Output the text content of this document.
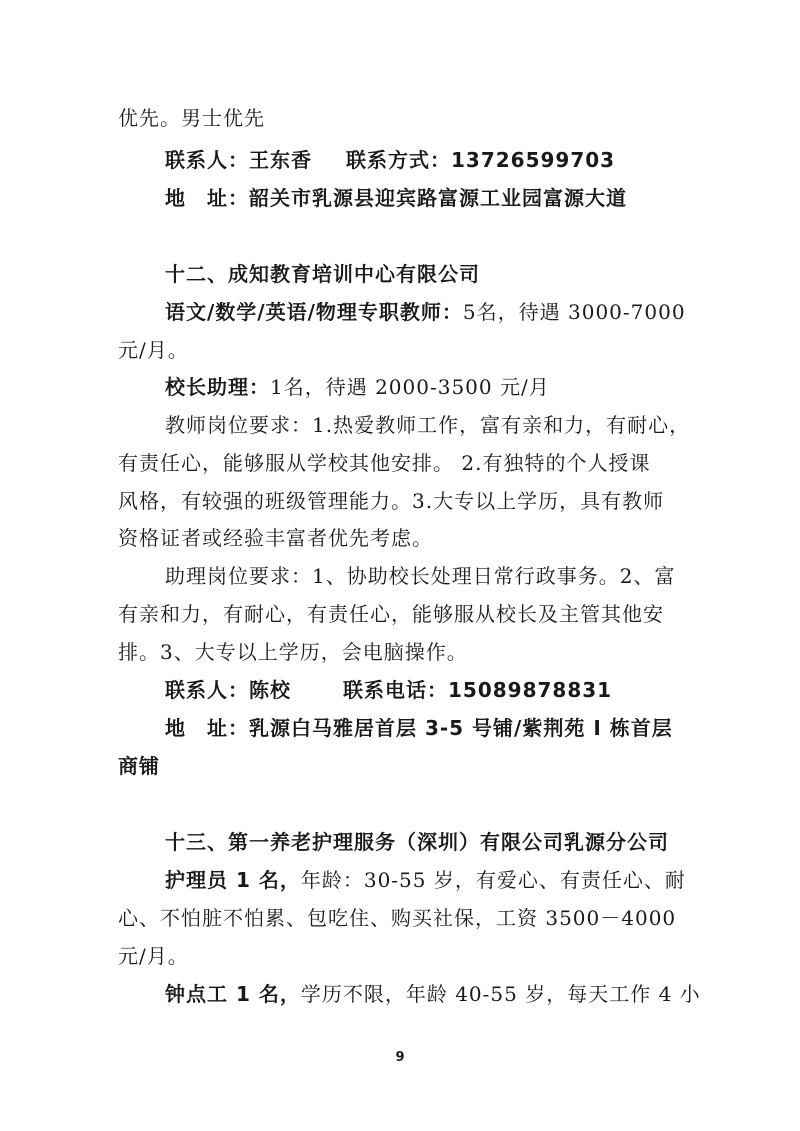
优先。男士优先
联系人：王东香 联系方式：13726599703
地　址：韶关市乳源县迎宾路富源工业园富源大道
十二、成知教育培训中心有限公司
语文/数学/英语/物理专职教师：5名，待遇 3000-7000
元/月。
校长助理：1名，待遇 2000-3500 元/月
教师岗位要求：1.热爱教师工作，富有亲和力，有耐心，
有责任心，能够服从学校其他安排。 2.有独特的个人授课
风格，有较强的班级管理能力。3.大专以上学历，具有教师
资格证者或经验丰富者优先考虑。
助理岗位要求：1、协助校长处理日常行政事务。2、富
有亲和力，有耐心，有责任心，能够服从校长及主管其他安
排。3、大专以上学历，会电脑操作。
联系人：陈校	联系电话：15089878831
地　址：乳源白马雅居首层 3-5 号铺/紫荆苑 I 栋首层
商铺
十三、第一养老护理服务（深圳）有限公司乳源分公司
护理员 1 名，年龄：30-55 岁，有爱心、有责任心、耐
心、不怕脏不怕累、包吃住、购买社保，工资 3500－4000
元/月。
钟点工 1 名，学历不限，年龄 40-55 岁，每天工作 4 小
9
